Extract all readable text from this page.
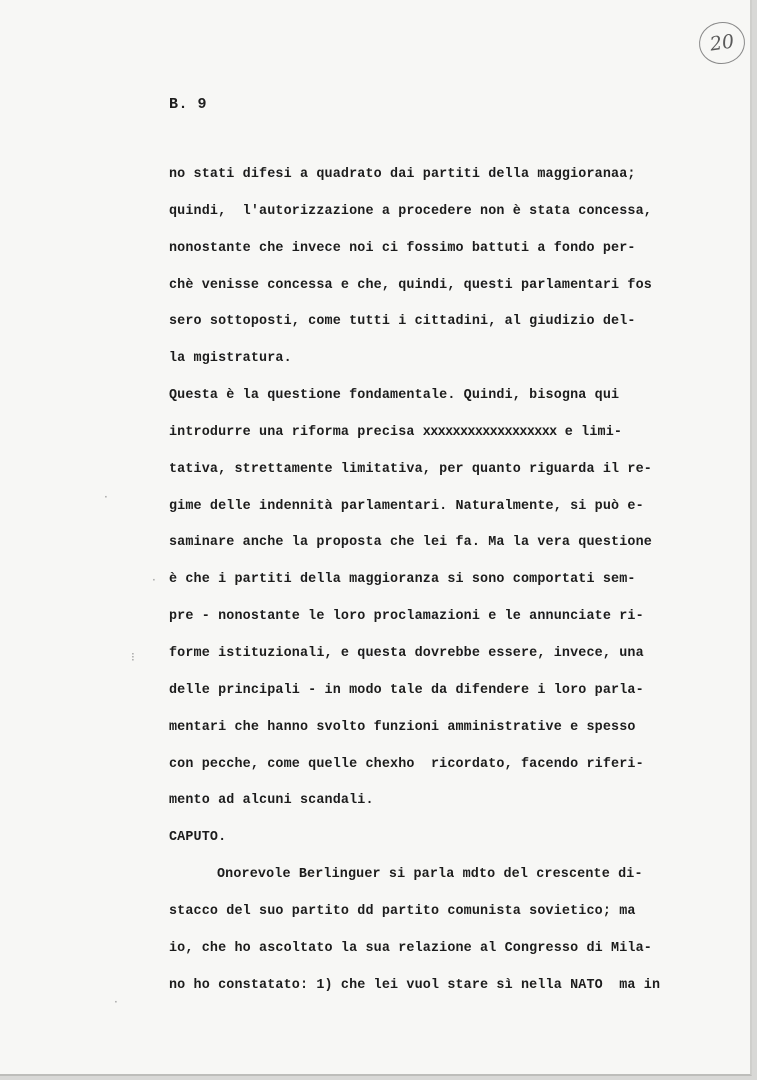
20
B. 9
·
·
⁝
·
no stati difesi a quadrato dai partiti della maggioranaa;
quindi,  l'autorizzazione a procedere non è stata concessa,
nonostante che invece noi ci fossimo battuti a fondo per-
chè venisse concessa e che, quindi, questi parlamentari fos
sero sottoposti, come tutti i cittadini, al giudizio del-
la mgistratura.
Questa è la questione fondamentale. Quindi, bisogna qui
introdurre una riforma precisa xxxxxxxxxxxxxxxxxx e limi-
tativa, strettamente limitativa, per quanto riguarda il re-
gime delle indennità parlamentari. Naturalmente, si può e-
saminare anche la proposta che lei fa. Ma la vera questione
è che i partiti della maggioranza si sono comportati sem-
pre - nonostante le loro proclamazioni e le annunciate ri-
forme istituzionali, e questa dovrebbe essere, invece, una
delle principali - in modo tale da difendere i loro parla-
mentari che hanno svolto funzioni amministrative e spesso
con pecche, come quelle chexho  ricordato, facendo riferi-
mento ad alcuni scandali.
CAPUTO.
Onorevole Berlinguer si parla mdto del crescente di-
stacco del suo partito dd partito comunista sovietico; ma
io, che ho ascoltato la sua relazione al Congresso di Mila-
no ho constatato: 1) che lei vuol stare sì nella NATO  ma in
